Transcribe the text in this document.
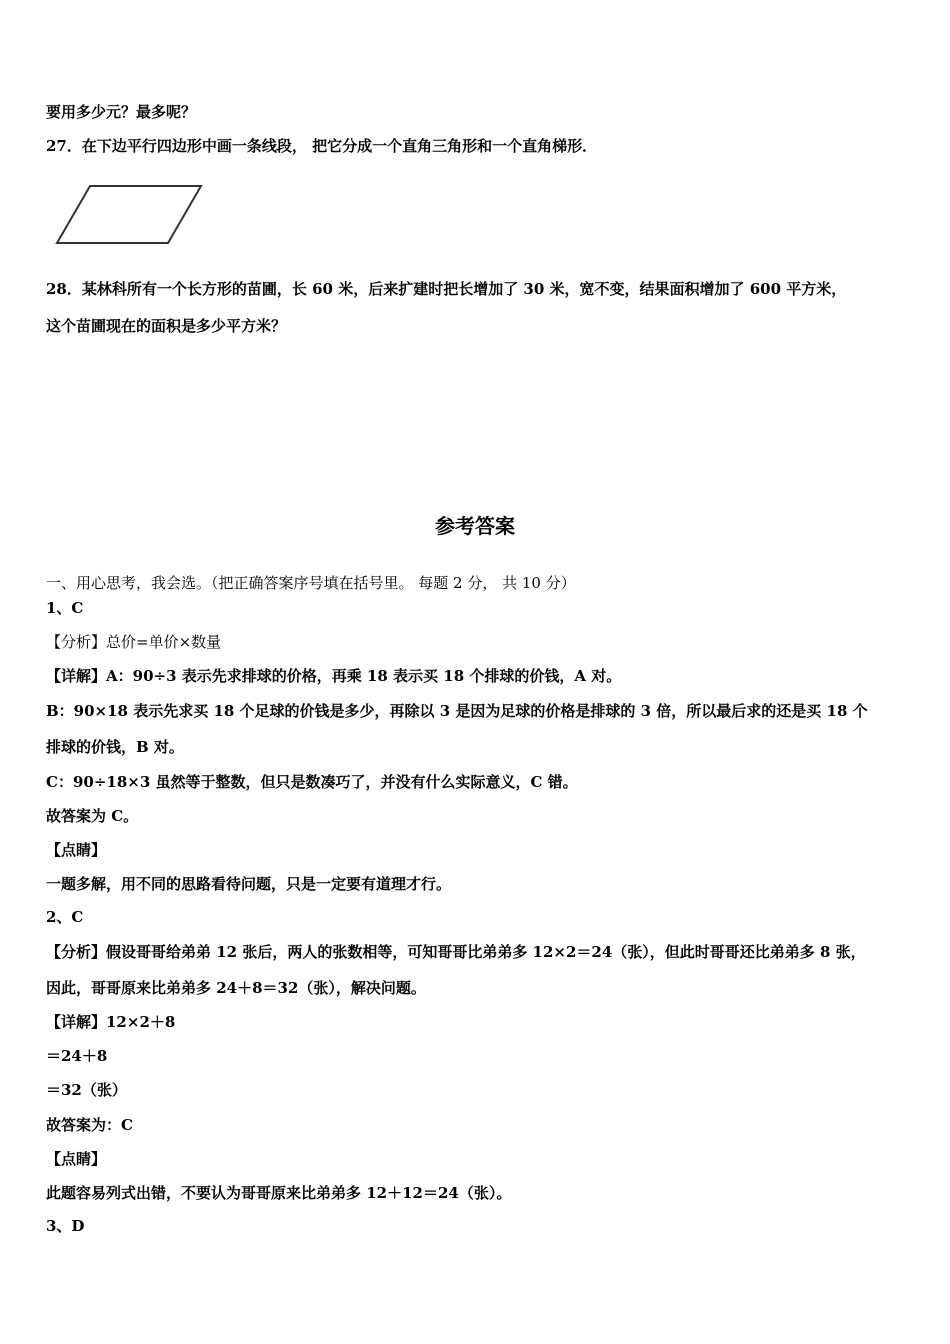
要用多少元？最多呢？
27．在下边平行四边形中画一条线段， 把它分成一个直角三角形和一个直角梯形．
28．某林科所有一个长方形的苗圃，长 60 米，后来扩建时把长增加了 30 米，宽不变，结果面积增加了 600 平方米，
这个苗圃现在的面积是多少平方米？
参考答案
一、用心思考，我会选。（把正确答案序号填在括号里。 每题 2 分， 共 10 分）
1、C
【分析】总价=单价×数量
【详解】A：90÷3 表示先求排球的价格，再乘 18 表示买 18 个排球的价钱，A 对。
B：90×18 表示先求买 18 个足球的价钱是多少，再除以 3 是因为足球的价格是排球的 3 倍，所以最后求的还是买 18 个
排球的价钱，B 对。
C：90÷18×3 虽然等于整数，但只是数凑巧了，并没有什么实际意义，C 错。
故答案为 C。
【点睛】
一题多解，用不同的思路看待问题，只是一定要有道理才行。
2、C
【分析】假设哥哥给弟弟 12 张后，两人的张数相等，可知哥哥比弟弟多 12×2＝24（张），但此时哥哥还比弟弟多 8 张，
因此，哥哥原来比弟弟多 24＋8＝32（张），解决问题。
【详解】12×2＋8
＝24＋8
＝32（张）
故答案为：C
【点睛】
此题容易列式出错，不要认为哥哥原来比弟弟多 12＋12＝24（张）。
3、D
